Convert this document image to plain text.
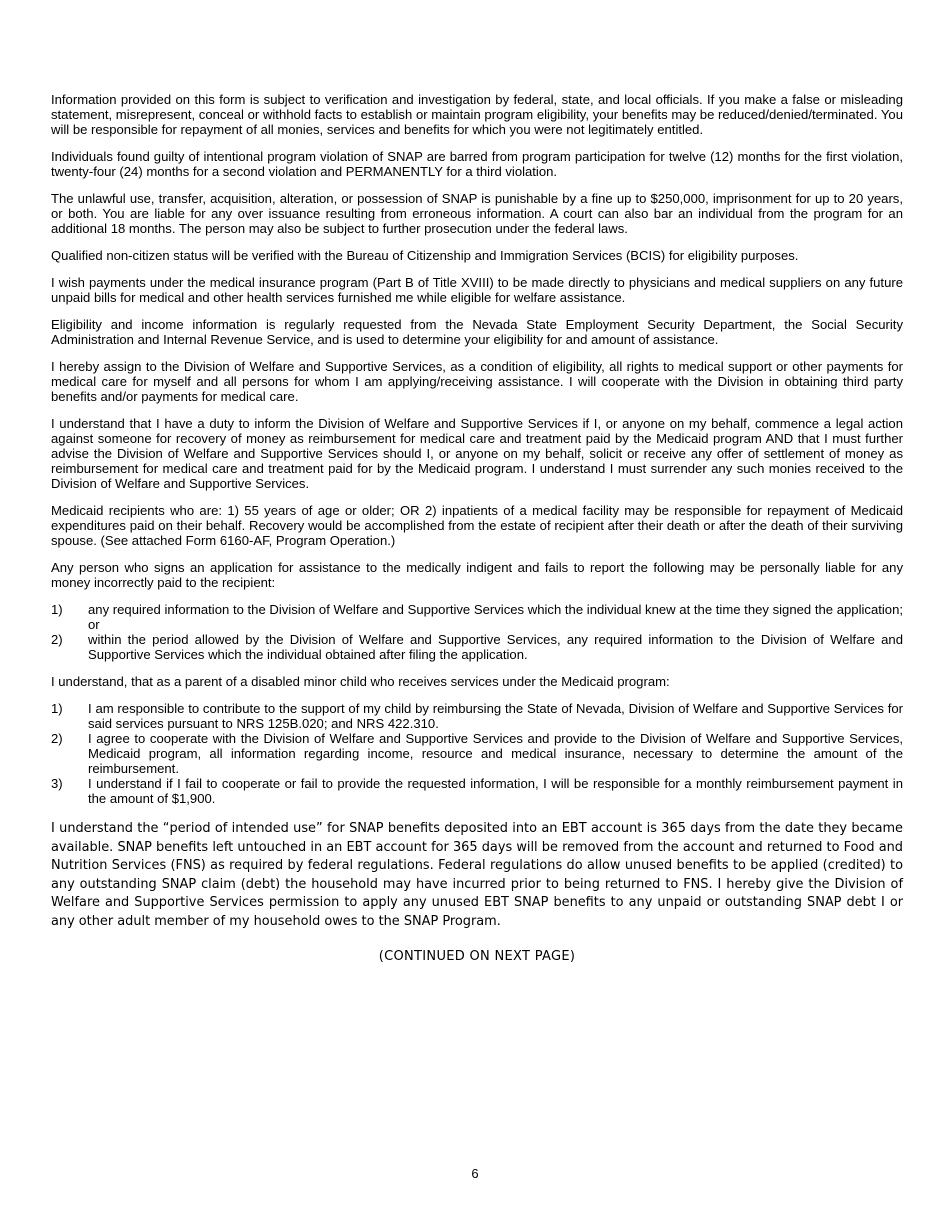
Information provided on this form is subject to verification and investigation by federal, state, and local officials. If you make a false or misleading statement, misrepresent, conceal or withhold facts to establish or maintain program eligibility, your benefits may be reduced/denied/terminated. You will be responsible for repayment of all monies, services and benefits for which you were not legitimately entitled.

Individuals found guilty of intentional program violation of SNAP are barred from program participation for twelve (12) months for the first violation, twenty-four (24) months for a second violation and PERMANENTLY for a third violation.

The unlawful use, transfer, acquisition, alteration, or possession of SNAP is punishable by a fine up to $250,000, imprisonment for up to 20 years, or both. You are liable for any over issuance resulting from erroneous information. A court can also bar an individual from the program for an additional 18 months. The person may also be subject to further prosecution under the federal laws.

Qualified non-citizen status will be verified with the Bureau of Citizenship and Immigration Services (BCIS) for eligibility purposes.

I wish payments under the medical insurance program (Part B of Title XVIII) to be made directly to physicians and medical suppliers on any future unpaid bills for medical and other health services furnished me while eligible for welfare assistance.

Eligibility and income information is regularly requested from the Nevada State Employment Security Department, the Social Security Administration and Internal Revenue Service, and is used to determine your eligibility for and amount of assistance.

I hereby assign to the Division of Welfare and Supportive Services, as a condition of eligibility, all rights to medical support or other payments for medical care for myself and all persons for whom I am applying/receiving assistance. I will cooperate with the Division in obtaining third party benefits and/or payments for medical care.

I understand that I have a duty to inform the Division of Welfare and Supportive Services if I, or anyone on my behalf, commence a legal action against someone for recovery of money as reimbursement for medical care and treatment paid by the Medicaid program AND that I must further advise the Division of Welfare and Supportive Services should I, or anyone on my behalf, solicit or receive any offer of settlement of money as reimbursement for medical care and treatment paid for by the Medicaid program. I understand I must surrender any such monies received to the Division of Welfare and Supportive Services.

Medicaid recipients who are: 1) 55 years of age or older; OR 2) inpatients of a medical facility may be responsible for repayment of Medicaid expenditures paid on their behalf. Recovery would be accomplished from the estate of recipient after their death or after the death of their surviving spouse. (See attached Form 6160-AF, Program Operation.)

Any person who signs an application for assistance to the medically indigent and fails to report the following may be personally liable for any money incorrectly paid to the recipient:

1)	any required information to the Division of Welfare and Supportive Services which the individual knew at the time they signed the application; or
2)	within the period allowed by the Division of Welfare and Supportive Services, any required information to the Division of Welfare and Supportive Services which the individual obtained after filing the application.

I understand, that as a parent of a disabled minor child who receives services under the Medicaid program:

1)	I am responsible to contribute to the support of my child by reimbursing the State of Nevada, Division of Welfare and Supportive Services for said services pursuant to NRS 125B.020; and NRS 422.310.
2)	I agree to cooperate with the Division of Welfare and Supportive Services and provide to the Division of Welfare and Supportive Services, Medicaid program, all information regarding income, resource and medical insurance, necessary to determine the amount of the reimbursement.
3)	I understand if I fail to cooperate or fail to provide the requested information, I will be responsible for a monthly reimbursement payment in the amount of $1,900.

I understand the “period of intended use” for SNAP benefits deposited into an EBT account is 365 days from the date they became available. SNAP benefits left untouched in an EBT account for 365 days will be removed from the account and returned to Food and Nutrition Services (FNS) as required by federal regulations. Federal regulations do allow unused benefits to be applied (credited) to any outstanding SNAP claim (debt) the household may have incurred prior to being returned to FNS. I hereby give the Division of Welfare and Supportive Services permission to apply any unused EBT SNAP benefits to any unpaid or outstanding SNAP debt I or any other adult member of my household owes to the SNAP Program.

(CONTINUED ON NEXT PAGE)
6
